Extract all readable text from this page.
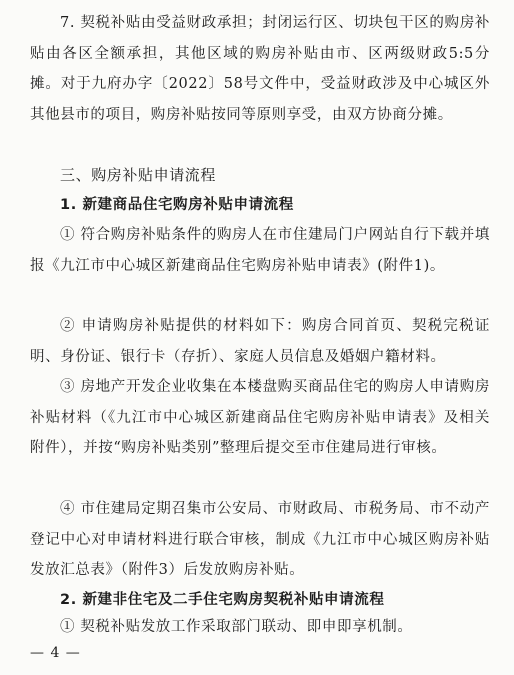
7. 契税补贴由受益财政承担；封闭运行区、切块包干区的购房补贴由各区全额承担，其他区域的购房补贴由市、区两级财政5:5分摊。对于九府办字〔2022〕58号文件中，受益财政涉及中心城区外其他县市的项目，购房补贴按同等原则享受，由双方协商分摊。

三、购房补贴申请流程

1. 新建商品住宅购房补贴申请流程

① 符合购房补贴条件的购房人在市住建局门户网站自行下载并填报《九江市中心城区新建商品住宅购房补贴申请表》(附件1)。

② 申请购房补贴提供的材料如下：购房合同首页、契税完税证明、身份证、银行卡（存折）、家庭人员信息及婚姻户籍材料。

③ 房地产开发企业收集在本楼盘购买商品住宅的购房人申请购房补贴材料（《九江市中心城区新建商品住宅购房补贴申请表》及相关附件），并按“购房补贴类别”整理后提交至市住建局进行审核。

④ 市住建局定期召集市公安局、市财政局、市税务局、市不动产登记中心对申请材料进行联合审核，制成《九江市中心城区购房补贴发放汇总表》（附件3）后发放购房补贴。

2. 新建非住宅及二手住宅购房契税补贴申请流程

① 契税补贴发放工作采取部门联动、即申即享机制。

— 4 —
